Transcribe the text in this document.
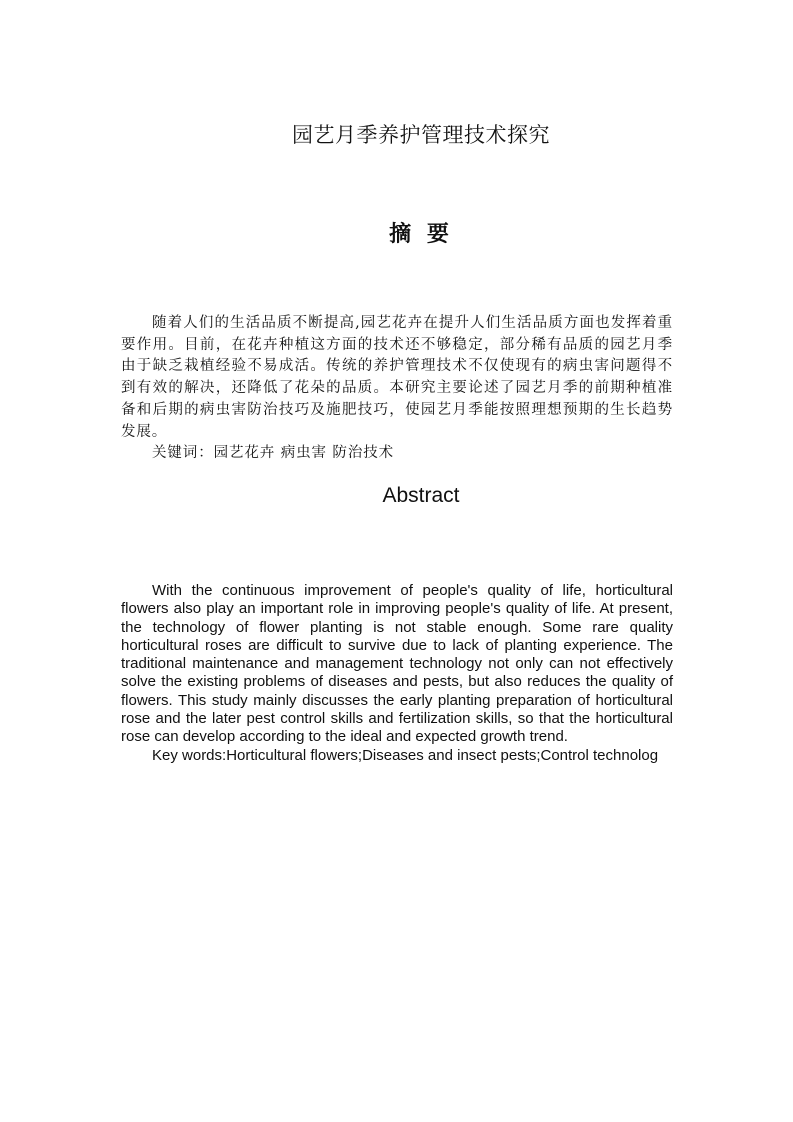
园艺月季养护管理技术探究
摘 要

随着人们的生活品质不断提高,园艺花卉在提升人们生活品质方面也发挥着重要作用。目前，在花卉种植这方面的技术还不够稳定，部分稀有品质的园艺月季由于缺乏栽植经验不易成活。传统的养护管理技术不仅使现有的病虫害问题得不到有效的解决，还降低了花朵的品质。本研究主要论述了园艺月季的前期种植准备和后期的病虫害防治技巧及施肥技巧，使园艺月季能按照理想预期的生长趋势发展。

关键词：园艺花卉 病虫害 防治技术

Abstract

With the continuous improvement of people's quality of life, horticultural flowers also play an important role in improving people's quality of life. At present, the technology of flower planting is not stable enough. Some rare quality horticultural roses are difficult to survive due to lack of planting experience. The traditional maintenance and management technology not only can not effectively solve the existing problems of diseases and pests, but also reduces the quality of flowers. This study mainly discusses the early planting preparation of horticultural rose and the later pest control skills and fertilization skills, so that the horticultural rose can develop according to the ideal and expected growth trend.

Key words:Horticultural flowers;Diseases and insect pests;Control technolog
